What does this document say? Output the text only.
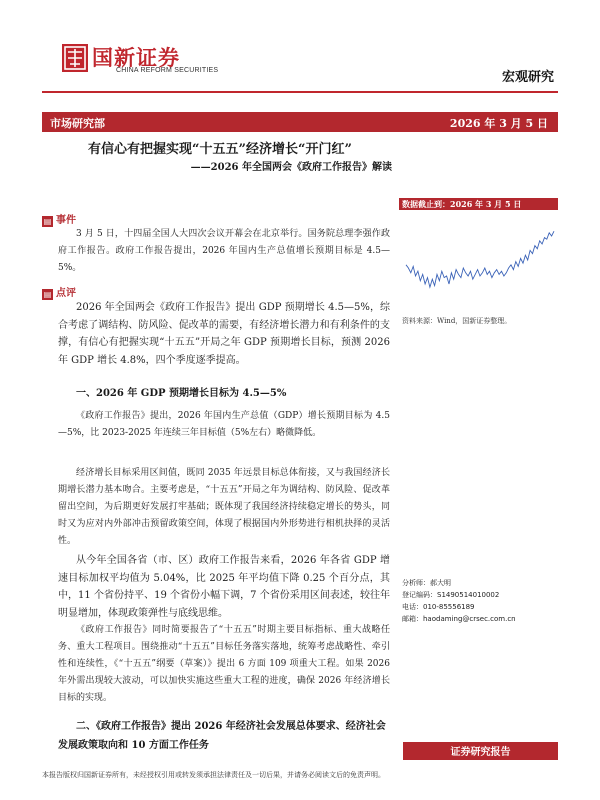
国新证券
CHINA REFORM SECURITIES	宏观研究
市场研究部	2026 年 3 月 5 日
有信心有把握实现“十五五”经济增长“开门红”
——2026 年全国两会《政府工作报告》解读
▤ 事件
3 月 5 日，十四届全国人大四次会议开幕会在北京举行。国务院总理李强作政府工作报告。政府工作报告提出，2026 年国内生产总值增长预期目标是 4.5—5%。
▤ 点评
2026 年全国两会《政府工作报告》提出 GDP 预期增长 4.5—5%，综合考虑了调结构、防风险、促改革的需要，有经济增长潜力和有利条件的支撑，有信心有把握实现“十五五”开局之年 GDP 预期增长目标，预测 2026 年 GDP 增长 4.8%，四个季度逐季提高。
一、2026 年 GDP 预期增长目标为 4.5—5%
《政府工作报告》提出，2026 年国内生产总值（GDP）增长预期目标为 4.5—5%，比 2023-2025 年连续三年目标值（5%左右）略微降低。
经济增长目标采用区间值，既同 2035 年远景目标总体衔接，又与我国经济长期增长潜力基本吻合。主要考虑是，“十五五”开局之年为调结构、防风险、促改革留出空间，为后期更好发展打牢基础；既体现了我国经济持续稳定增长的势头，同时又为应对内外部冲击预留政策空间，体现了根据国内外形势进行相机抉择的灵活性。
从今年全国各省（市、区）政府工作报告来看，2026 年各省 GDP 增速目标加权平均值为 5.04%，比 2025 年平均值下降 0.25 个百分点，其中，11 个省份持平、19 个省份小幅下调，7 个省份采用区间表述，较往年明显增加，体现政策弹性与底线思维。
《政府工作报告》同时简要报告了“十五五”时期主要目标指标、重大战略任务、重大工程项目。围绕推动“十五五”目标任务落实落地，统筹考虑战略性、牵引性和连续性，《“十五五”纲要（草案）》提出 6 方面 109 项重大工程。如果 2026 年外需出现较大波动，可以加快实施这些重大工程的进度，确保 2026 年经济增长目标的实现。
二、《政府工作报告》提出 2026 年经济社会发展总体要求、经济社会发展政策取向和 10 方面工作任务
数据截止到：2026 年 3 月 5 日
资料来源：Wind，国新证券整理。
分析师：郝大明
登记编码：S1490514010002
电话：010-85556189
邮箱：haodaming@crsec.com.cn
证券研究报告
本报告版权归国新证券所有，未经授权引用或转发须承担法律责任及一切后果，并请务必阅读文后的免责声明。
